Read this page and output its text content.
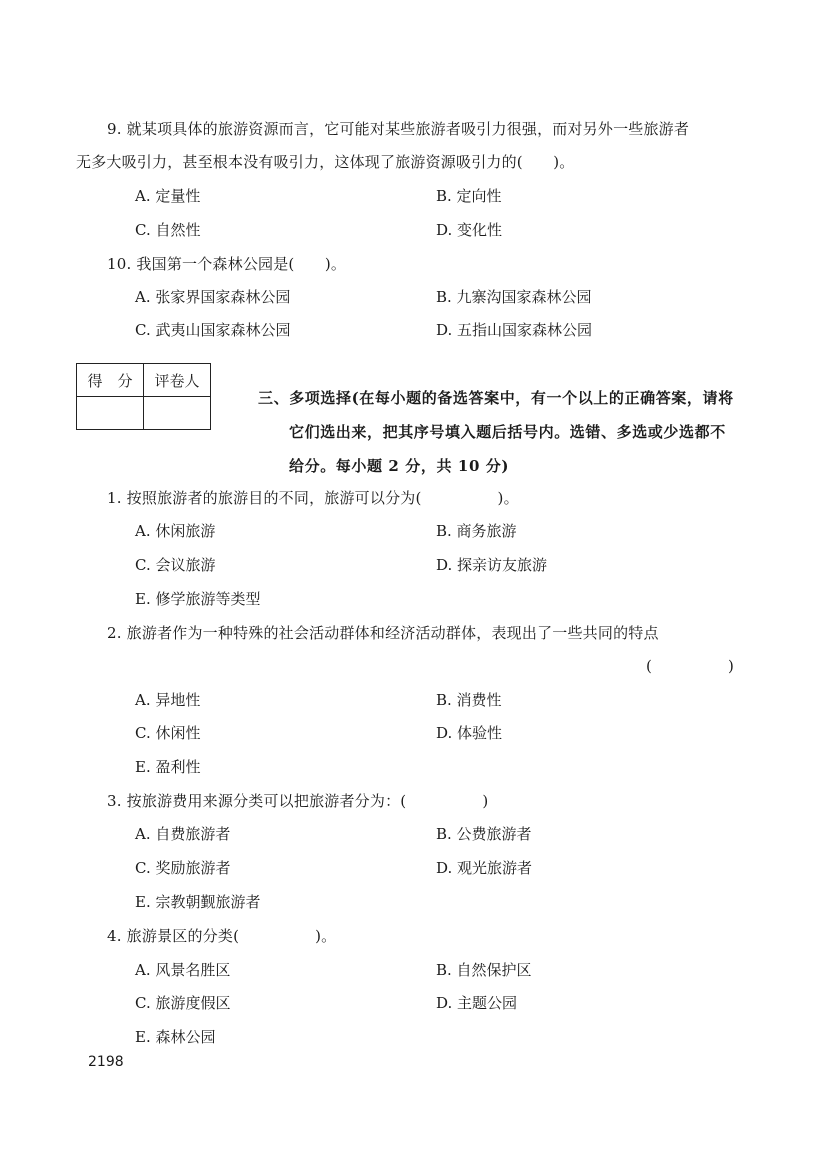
9. 就某项具体的旅游资源而言，它可能对某些旅游者吸引力很强，而对另外一些旅游者
无多大吸引力，甚至根本没有吸引力，这体现了旅游资源吸引力的(　　)。
A. 定量性	B. 定向性
C. 自然性	D. 变化性
10. 我国第一个森林公园是(　　)。
A. 张家界国家森林公园	B. 九寨沟国家森林公园
C. 武夷山国家森林公园	D. 五指山国家森林公园
得　分	评卷人

三、多项选择(在每小题的备选答案中，有一个以上的正确答案，请将
它们选出来，把其序号填入题后括号内。选错、多选或少选都不
给分。每小题 2 分，共 10 分)
1. 按照旅游者的旅游目的不同，旅游可以分为(　　　　　)。
A. 休闲旅游	B. 商务旅游
C. 会议旅游	D. 探亲访友旅游
E. 修学旅游等类型
2. 旅游者作为一种特殊的社会活动群体和经济活动群体，表现出了一些共同的特点
(　　　　　)
A. 异地性	B. 消费性
C. 休闲性	D. 体验性
E. 盈利性
3. 按旅游费用来源分类可以把旅游者分为：(　　　　　)
A. 自费旅游者	B. 公费旅游者
C. 奖励旅游者	D. 观光旅游者
E. 宗教朝觐旅游者
4. 旅游景区的分类(　　　　　)。
A. 风景名胜区	B. 自然保护区
C. 旅游度假区	D. 主题公园
E. 森林公园
2198
